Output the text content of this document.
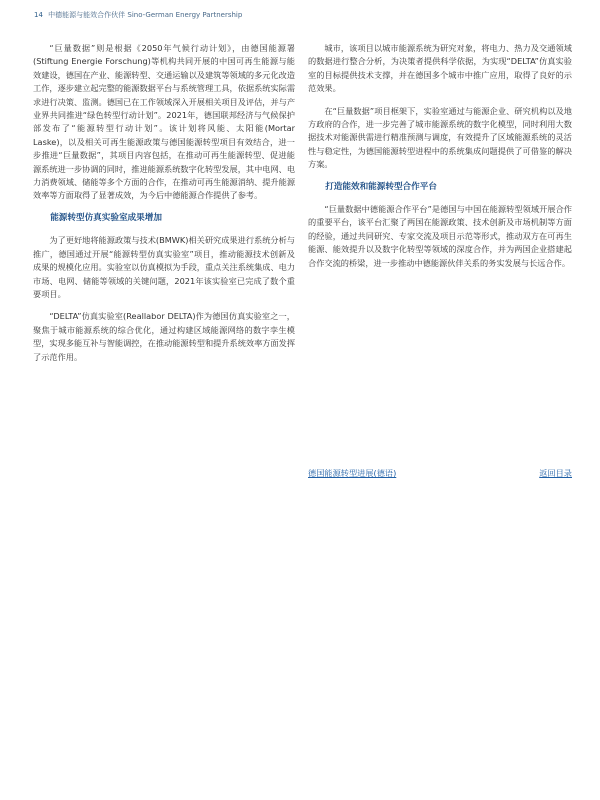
14 中德能源与能效合作伙伴 Sino-German Energy Partnership

“巨量数据”则是根据《2050年气候行动计划》，由德国能源署(Stiftung Energie Forschung)等机构共同开展的中国可再生能源与能效建设，德国在产业、能源转型、交通运输以及建筑等领域的多元化改造工作，逐步建立起完整的能源数据平台与系统管理工具，依据系统实际需求进行决策、监测。德国已在工作领域深入开展相关项目及评估，并与产业界共同推进“绿色转型行动计划”。2021年，德国联邦经济与气候保护部发布了“能源转型行动计划”。该计划将风能、太阳能(Mortar Laske)，以及相关可再生能源政策与德国能源转型项目有效结合，进一步推进“巨量数据”，其项目内容包括，在推动可再生能源转型、促进能源系统进一步协调的同时，推进能源系统数字化转型发展，其中电网、电力消费领域、储能等多个方面的合作，在推动可再生能源消纳、提升能源效率等方面取得了显著成效，为今后中德能源合作提供了参考。

能源转型仿真实验室成果增加

为了更好地将能源政策与技术(BMWK)相关研究成果进行系统分析与推广，德国通过开展“能源转型仿真实验室”项目，推动能源技术创新及成果的规模化应用。实验室以仿真模拟为手段，重点关注系统集成、电力市场、电网、储能等领域的关键问题，2021年该实验室已完成了数个重要项目。

“DELTA”仿真实验室(Reallabor DELTA)作为德国仿真实验室之一，聚焦于城市能源系统的综合优化，通过构建区域能源网络的数字孪生模型，实现多能互补与智能调控，在推动能源转型和提升系统效率方面发挥了示范作用。

城市，该项目以城市能源系统为研究对象，将电力、热力及交通领域的数据进行整合分析，为决策者提供科学依据，为实现“DELTA”仿真实验室的目标提供技术支撑，并在德国多个城市中推广应用，取得了良好的示范效果。

在“巨量数据”项目框架下，实验室通过与能源企业、研究机构以及地方政府的合作，进一步完善了城市能源系统的数字化模型，同时利用大数据技术对能源供需进行精准预测与调度，有效提升了区域能源系统的灵活性与稳定性，为德国能源转型进程中的系统集成问题提供了可借鉴的解决方案。

打造能效和能源转型合作平台

“巨量数据中德能源合作平台”是德国与中国在能源转型领域开展合作的重要平台，该平台汇聚了两国在能源政策、技术创新及市场机制等方面的经验，通过共同研究、专家交流及项目示范等形式，推动双方在可再生能源、能效提升以及数字化转型等领域的深度合作，并为两国企业搭建起合作交流的桥梁，进一步推动中德能源伙伴关系的务实发展与长远合作。

德国能源转型进展(德语)	返回目录
